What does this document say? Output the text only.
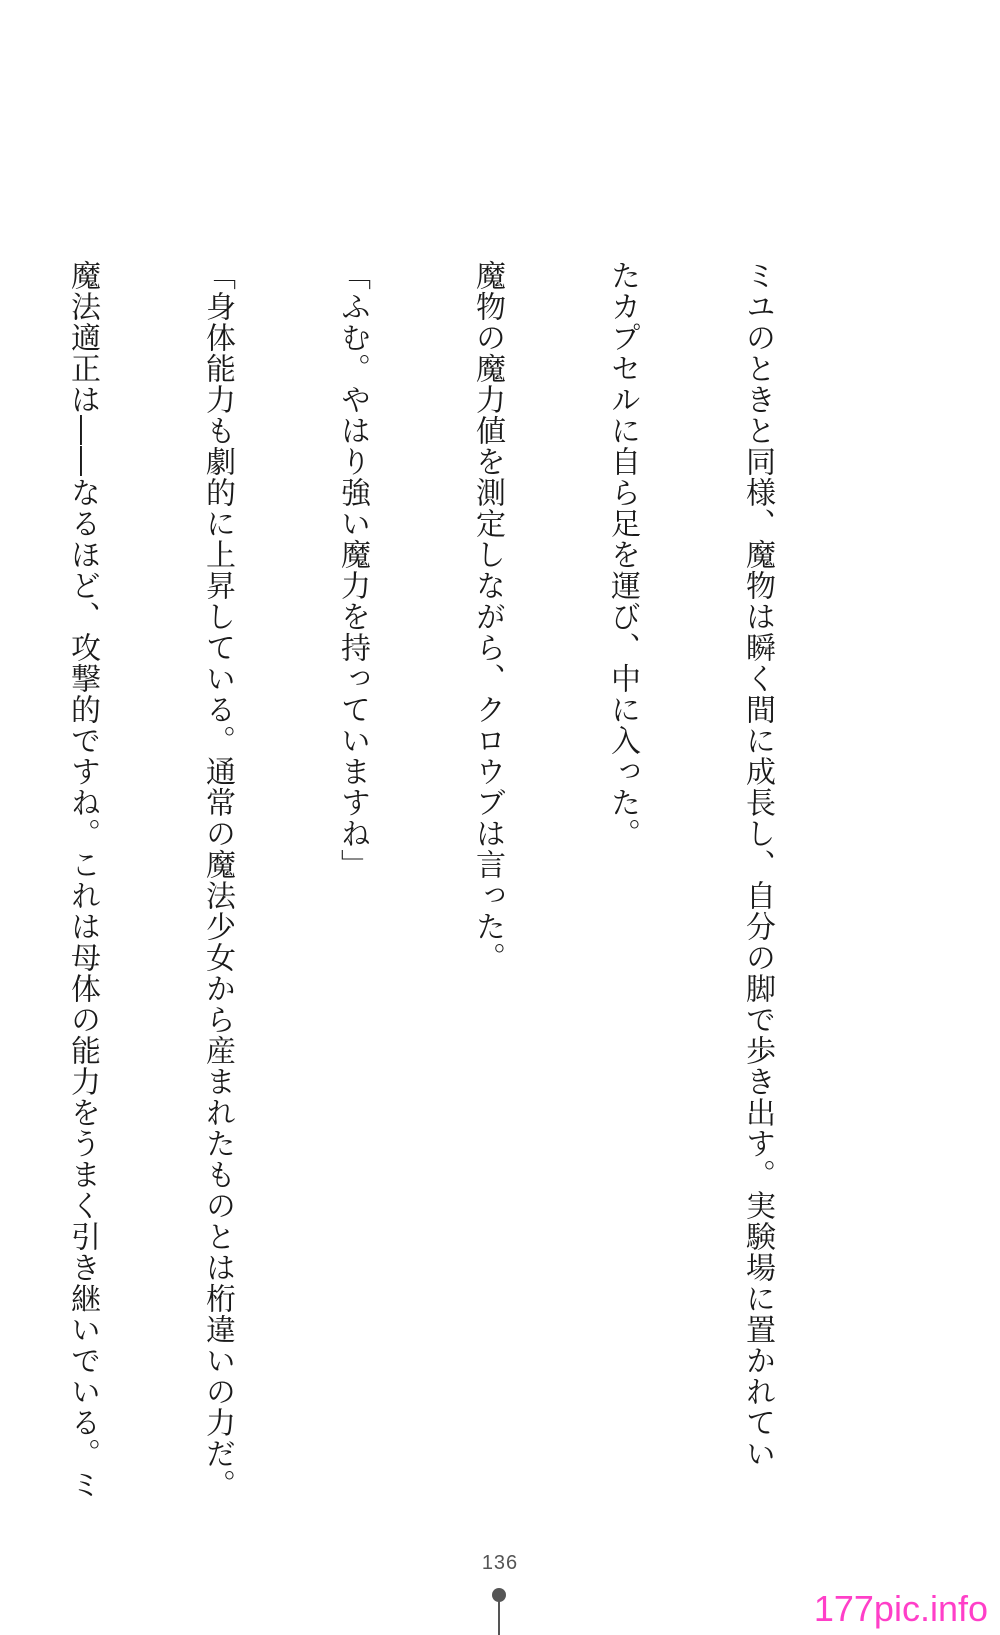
ミユのときと同様、魔物は瞬く間に成長し、自分の脚で歩き出す。実験場に置かれてい

たカプセルに自ら足を運び、中に入った。

魔物の魔力値を測定しながら、クロウブは言った。

「ふむ。やはり強い魔力を持っていますね」

「身体能力も劇的に上昇している。通常の魔法少女から産まれたものとは桁違いの力だ。

魔法適正は――なるほど、攻撃的ですね。これは母体の能力をうまく引き継いでいる。ミ

136
177pic.info
